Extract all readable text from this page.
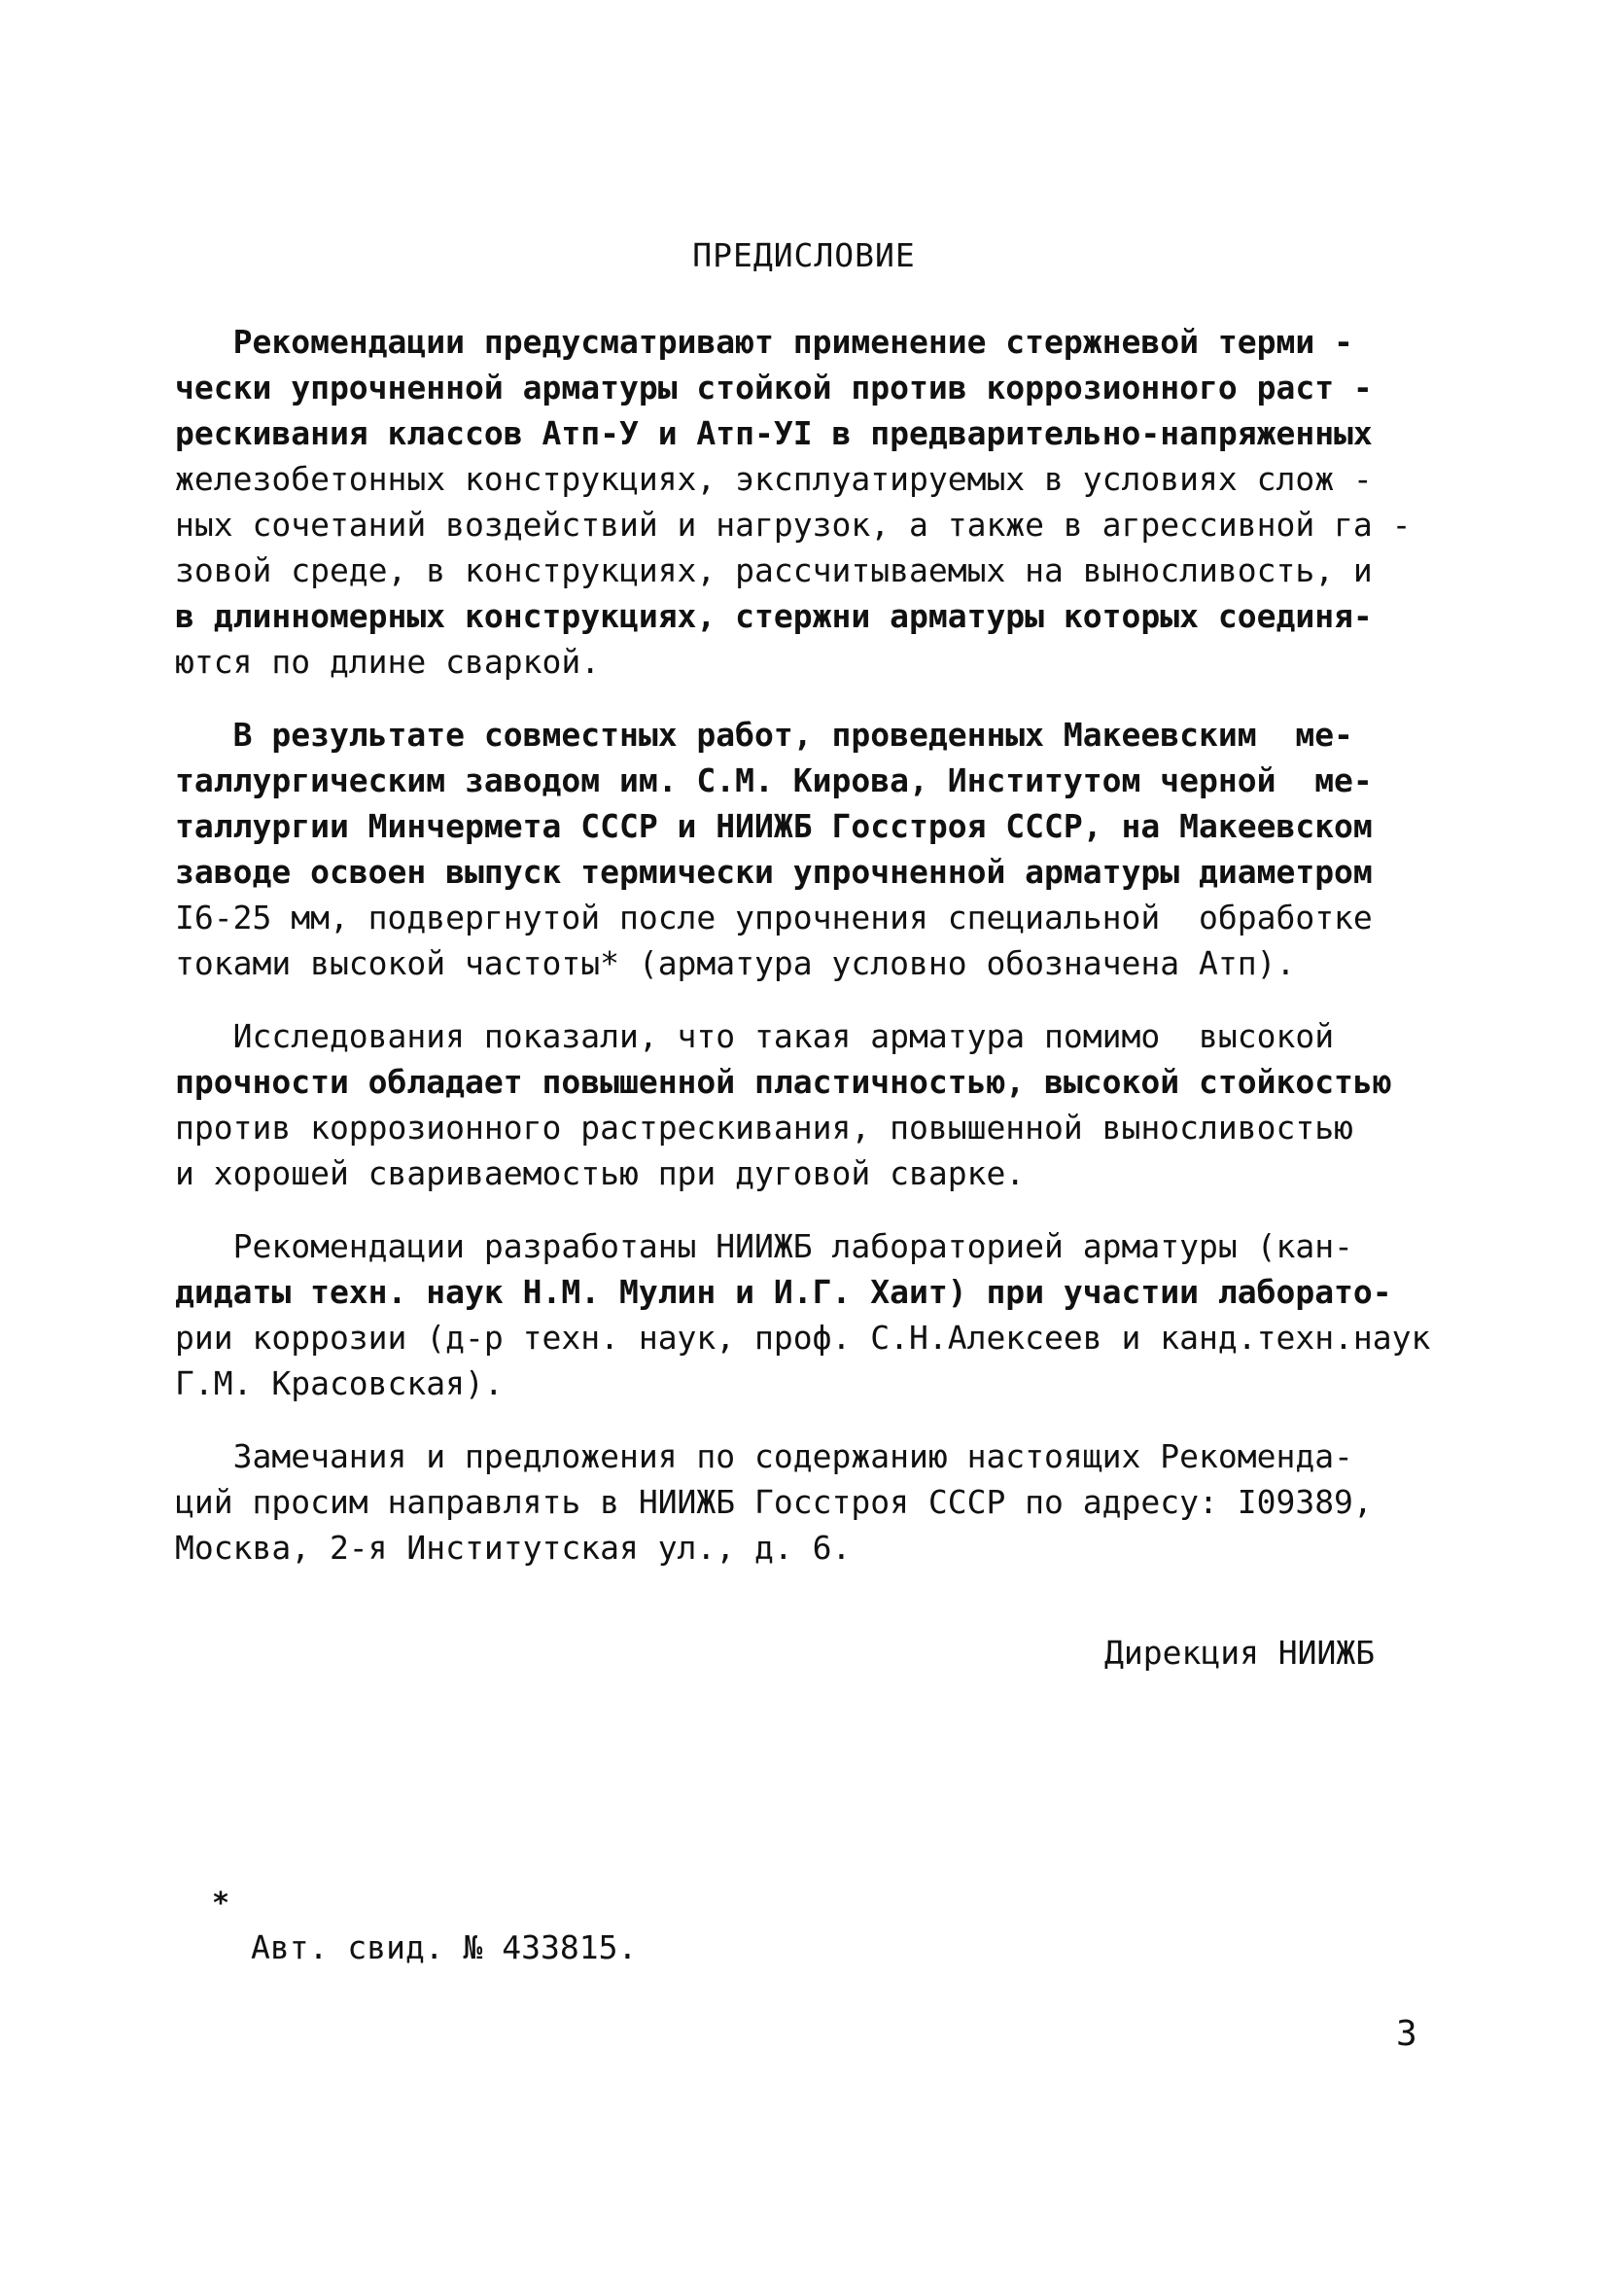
ПРЕДИСЛОВИЕ
Рекомендации предусматривают применение стержневой терми -
чески упрочненной арматуры стойкой против коррозионного раст -
рескивания классов Атп-У и Атп-УI в предварительно-напряженных
железобетонных конструкциях, эксплуатируемых в условиях слож -
ных сочетаний воздействий и нагрузок, а также в агрессивной га -
зовой среде, в конструкциях, рассчитываемых на выносливость, и
в длинномерных конструкциях, стержни арматуры которых соединя-
ются по длине сваркой.
В результате совместных работ, проведенных Макеевским  ме-
таллургическим заводом им. С.М. Кирова, Институтом черной  ме-
таллургии Минчермета СССР и НИИЖБ Госстроя СССР, на Макеевском
заводе освоен выпуск термически упрочненной арматуры диаметром
I6-25 мм, подвергнутой после упрочнения специальной  обработке
токами высокой частоты* (арматура условно обозначена Атп).
Исследования показали, что такая арматура помимо  высокой
прочности обладает повышенной пластичностью, высокой стойкостью
против коррозионного растрескивания, повышенной выносливостью
и хорошей свариваемостью при дуговой сварке.
Рекомендации разработаны НИИЖБ лабораторией арматуры (кан-
дидаты техн. наук Н.М. Мулин и И.Г. Хаит) при участии лаборато-
рии коррозии (д-р техн. наук, проф. С.Н.Алексеев и канд.техн.наук
Г.М. Красовская).
Замечания и предложения по содержанию настоящих Рекоменда-
ций просим направлять в НИИЖБ Госстроя СССР по адресу: I09389,
Москва, 2-я Институтская ул., д. 6.
Дирекция НИИЖБ
*
Авт. свид. № 433815.
3
